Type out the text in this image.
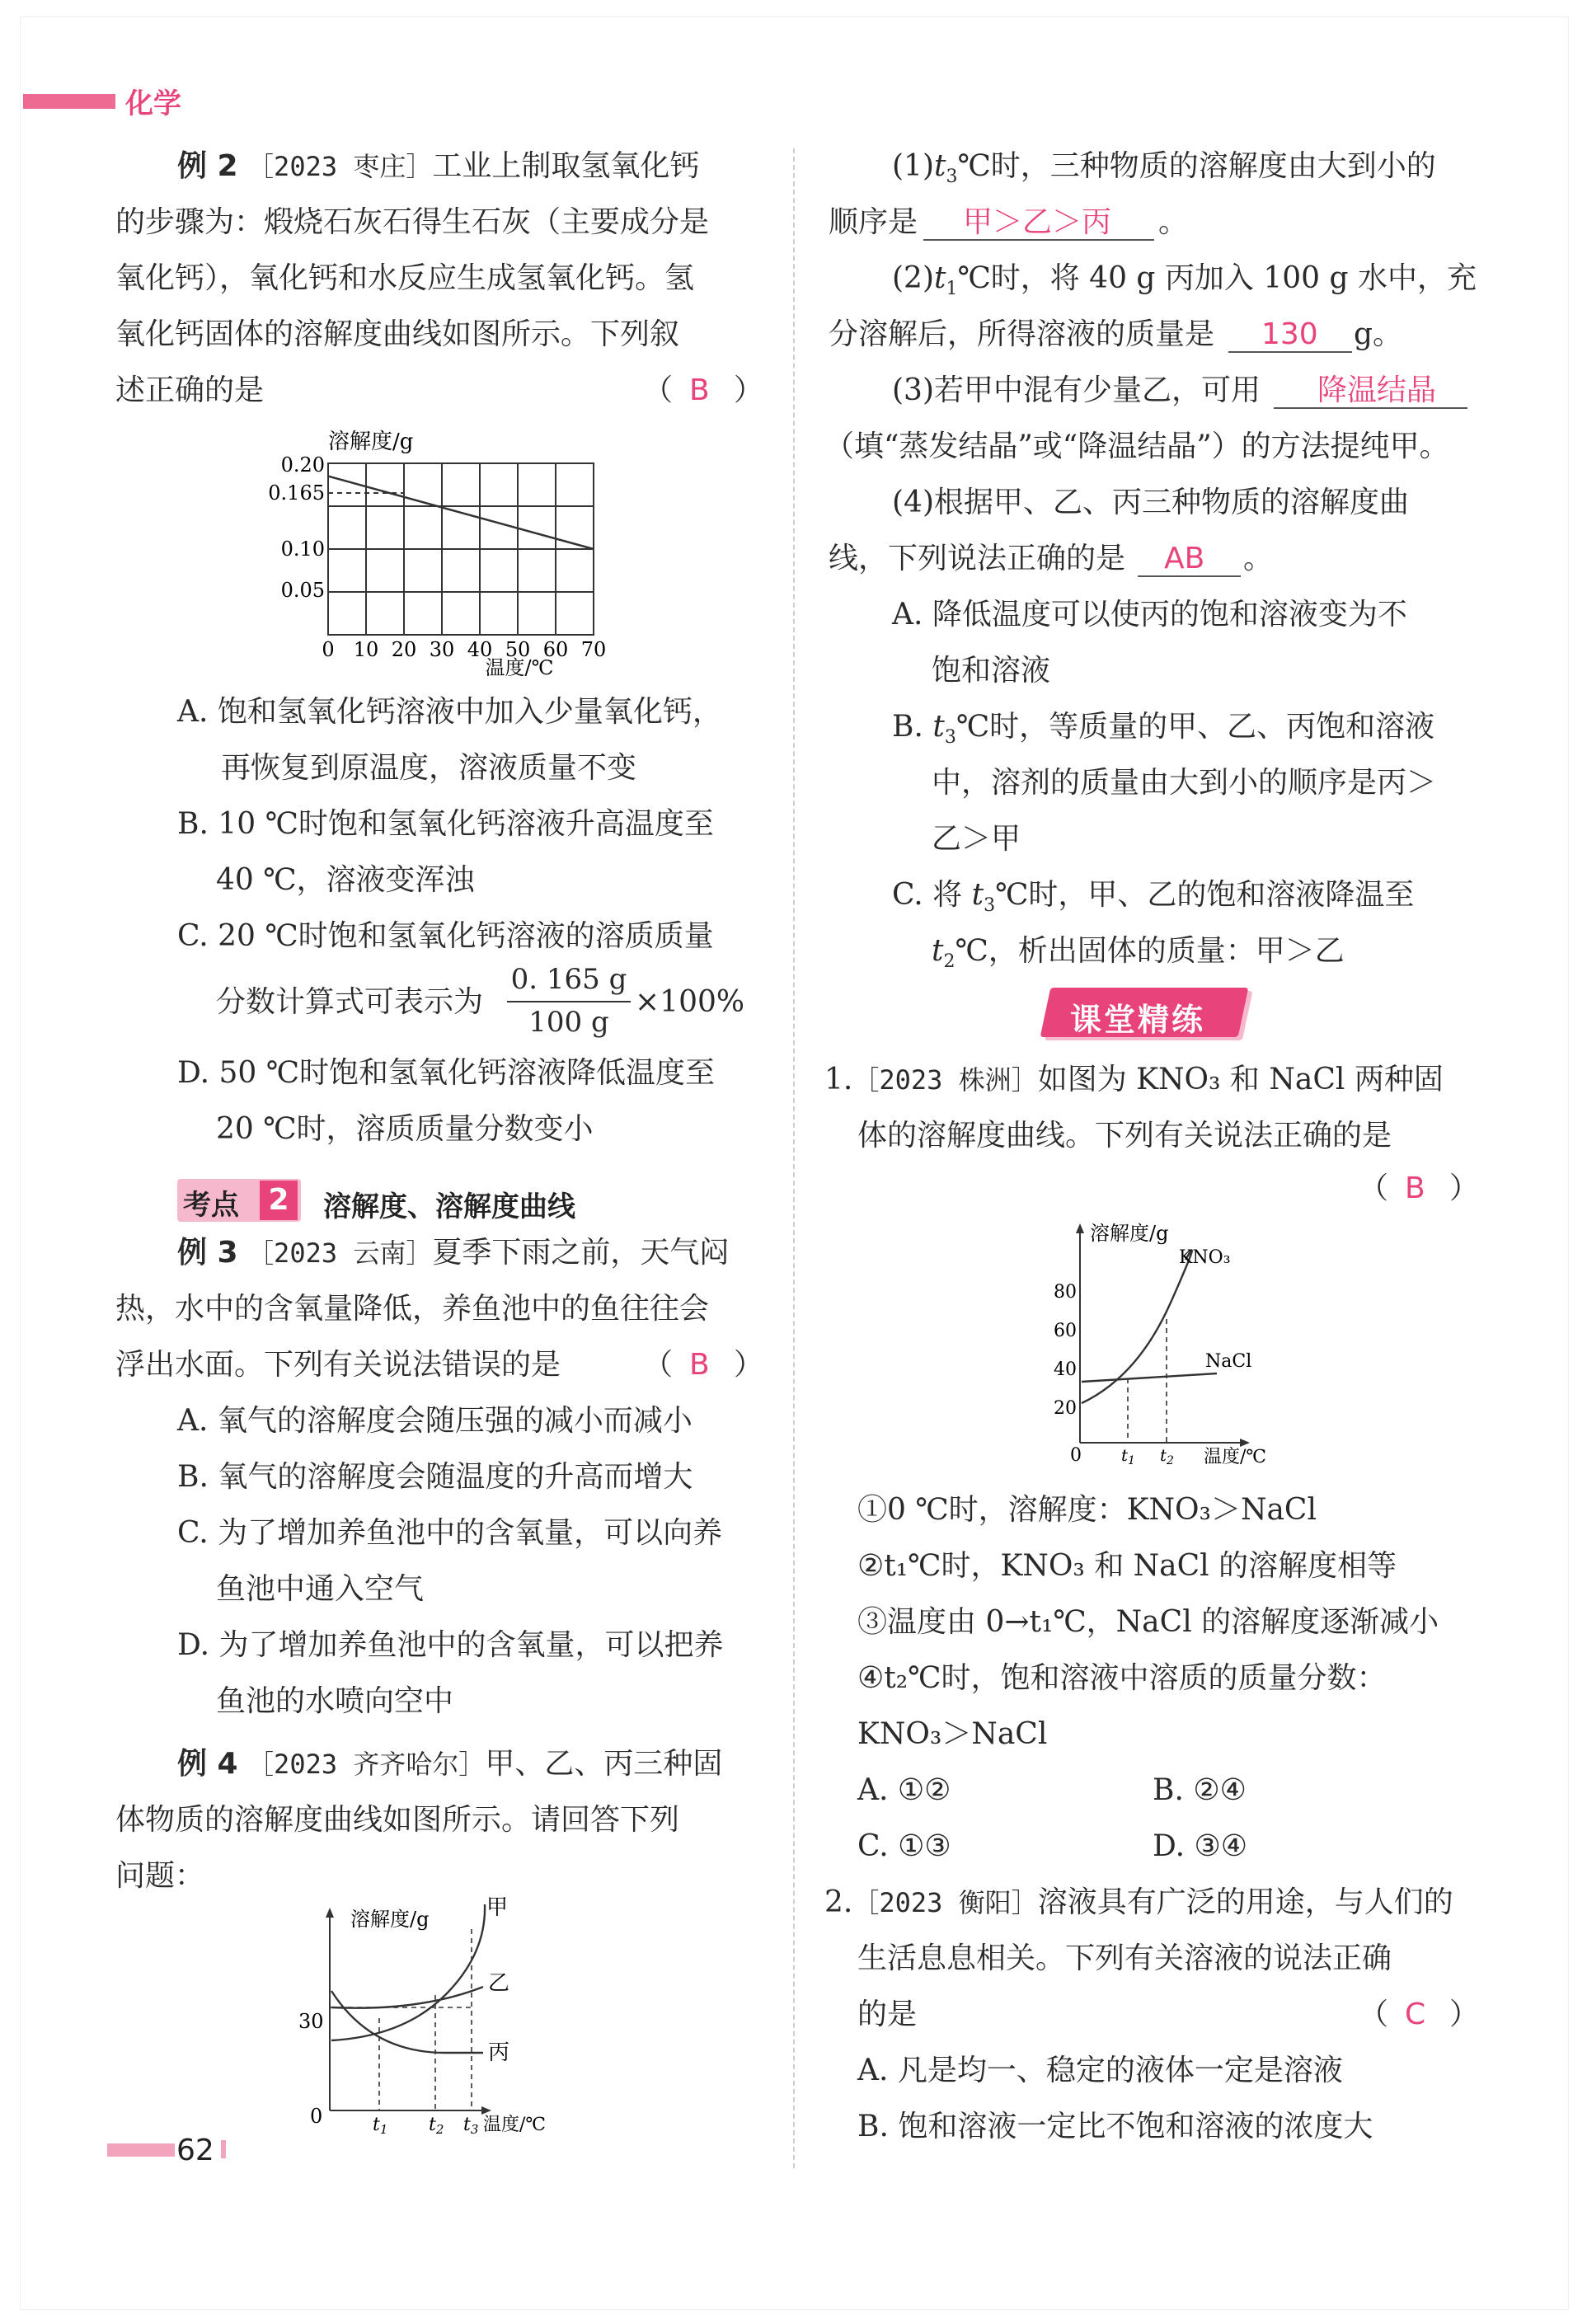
化学
例 2 ［2023 枣庄］工业上制取氢氧化钙
的步骤为：煅烧石灰石得生石灰（主要成分是
氧化钙），氧化钙和水反应生成氢氧化钙。氢
氧化钙固体的溶解度曲线如图所示。下列叙
述正确的是	（ B ）
溶解度/g
0.20
0.165
0.10
0.05
0 10 20 30 40 50 60 70
温度/℃
A. 饱和氢氧化钙溶液中加入少量氧化钙，
再恢复到原温度，溶液质量不变
B. 10 ℃时饱和氢氧化钙溶液升高温度至
40 ℃，溶液变浑浊
C. 20 ℃时饱和氢氧化钙溶液的溶质质量
分数计算式可表示为
0. 165 g
100 g
×100%
D. 50 ℃时饱和氢氧化钙溶液降低温度至
20 ℃时，溶质质量分数变小
考点 2	溶解度、溶解度曲线
例 3 ［2023 云南］夏季下雨之前，天气闷
热，水中的含氧量降低，养鱼池中的鱼往往会
浮出水面。下列有关说法错误的是	（ B ）
A. 氧气的溶解度会随压强的减小而减小
B. 氧气的溶解度会随温度的升高而增大
C. 为了增加养鱼池中的含氧量，可以向养
鱼池中通入空气
D. 为了增加养鱼池中的含氧量，可以把养
鱼池的水喷向空中
例 4 ［2023 齐齐哈尔］甲、乙、丙三种固
体物质的溶解度曲线如图所示。请回答下列
问题：
溶解度/g
温度/℃
30
0
甲
乙
丙
t1 t2 t3
62
$(1)t_3℃$时，三种物质的溶解度由大到小的
顺序是 甲＞乙＞丙 。
$(2)t_1℃$时，将 40 g 丙加入 100 g 水中，充
分溶解后，所得溶液的质量是 130 g。
(3)若甲中混有少量乙，可用 降温结晶
（填“蒸发结晶”或“降温结晶”）的方法提纯甲。
(4)根据甲、乙、丙三种物质的溶解度曲
线，下列说法正确的是 AB 。
A. 降低温度可以使丙的饱和溶液变为不
饱和溶液
B. $t_3℃$时，等质量的甲、乙、丙饱和溶液
中，溶剂的质量由大到小的顺序是丙＞
乙＞甲
C. 将 $t_3℃$时，甲、乙的饱和溶液降温至
$t_2℃$，析出固体的质量：甲＞乙
课堂精练
1.［2023 株洲］如图为 KNO₃ 和 NaCl 两种固
体的溶解度曲线。下列有关说法正确的是
（ B ）
溶解度/g
温度/℃
80
60
40
20
0
KNO₃
NaCl
$t_1$ $t_2$
①0 ℃时，溶解度：KNO₃＞NaCl
②t₁℃时，KNO₃ 和 NaCl 的溶解度相等
③温度由 0→t₁℃，NaCl 的溶解度逐渐减小
④t₂℃时，饱和溶液中溶质的质量分数：
KNO₃＞NaCl
A. ①②	B. ②④
C. ①③	D. ③④
2.［2023 衡阳］溶液具有广泛的用途，与人们的
生活息息相关。下列有关溶液的说法正确
的是	（ C ）
A. 凡是均一、稳定的液体一定是溶液
B. 饱和溶液一定比不饱和溶液的浓度大
